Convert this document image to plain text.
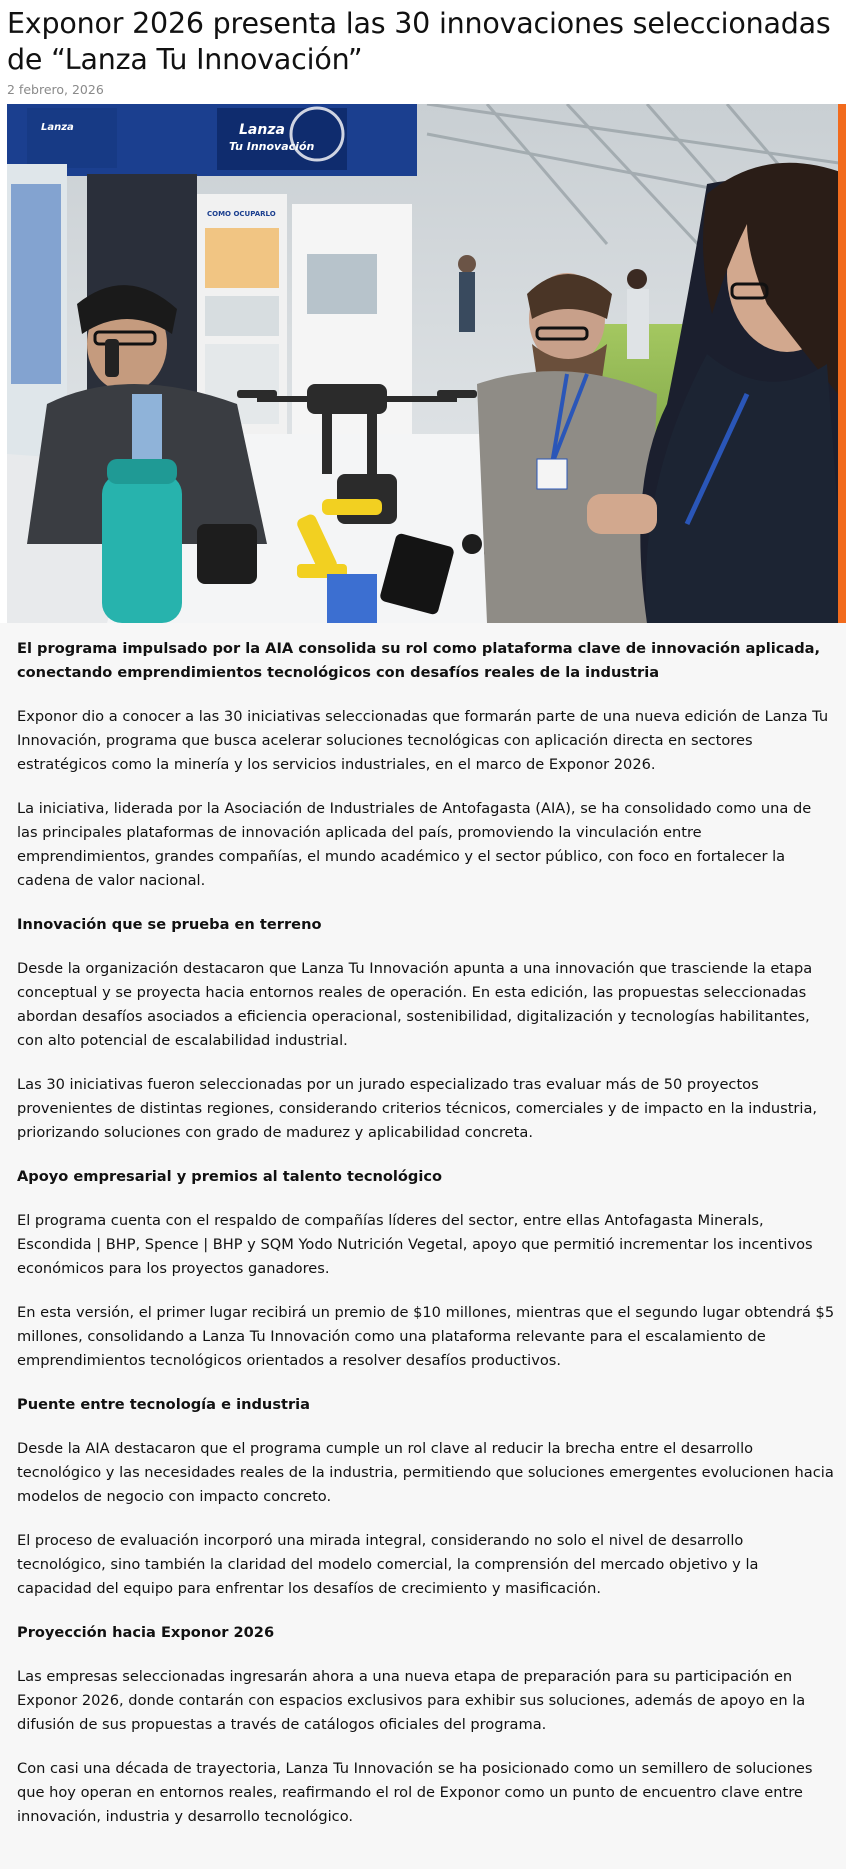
Exponor 2026 presenta las 30 innovaciones seleccionadas de “Lanza Tu Innovación”
2 febrero, 2026
Lanza
Tu Innovación
Lanza
COMO OCUPARLO

El programa impulsado por la AIA consolida su rol como plataforma clave de innovación aplicada, conectando emprendimientos tecnológicos con desafíos reales de la industria

Exponor dio a conocer a las 30 iniciativas seleccionadas que formarán parte de una nueva edición de Lanza Tu Innovación, programa que busca acelerar soluciones tecnológicas con aplicación directa en sectores estratégicos como la minería y los servicios industriales, en el marco de Exponor 2026.

La iniciativa, liderada por la Asociación de Industriales de Antofagasta (AIA), se ha consolidado como una de las principales plataformas de innovación aplicada del país, promoviendo la vinculación entre emprendimientos, grandes compañías, el mundo académico y el sector público, con foco en fortalecer la cadena de valor nacional.

Innovación que se prueba en terreno

Desde la organización destacaron que Lanza Tu Innovación apunta a una innovación que trasciende la etapa conceptual y se proyecta hacia entornos reales de operación. En esta edición, las propuestas seleccionadas abordan desafíos asociados a eficiencia operacional, sostenibilidad, digitalización y tecnologías habilitantes, con alto potencial de escalabilidad industrial.

Las 30 iniciativas fueron seleccionadas por un jurado especializado tras evaluar más de 50 proyectos provenientes de distintas regiones, considerando criterios técnicos, comerciales y de impacto en la industria, priorizando soluciones con grado de madurez y aplicabilidad concreta.

Apoyo empresarial y premios al talento tecnológico

El programa cuenta con el respaldo de compañías líderes del sector, entre ellas Antofagasta Minerals, Escondida | BHP, Spence | BHP y SQM Yodo Nutrición Vegetal, apoyo que permitió incrementar los incentivos económicos para los proyectos ganadores.

En esta versión, el primer lugar recibirá un premio de $10 millones, mientras que el segundo lugar obtendrá $5 millones, consolidando a Lanza Tu Innovación como una plataforma relevante para el escalamiento de emprendimientos tecnológicos orientados a resolver desafíos productivos.

Puente entre tecnología e industria

Desde la AIA destacaron que el programa cumple un rol clave al reducir la brecha entre el desarrollo tecnológico y las necesidades reales de la industria, permitiendo que soluciones emergentes evolucionen hacia modelos de negocio con impacto concreto.

El proceso de evaluación incorporó una mirada integral, considerando no solo el nivel de desarrollo tecnológico, sino también la claridad del modelo comercial, la comprensión del mercado objetivo y la capacidad del equipo para enfrentar los desafíos de crecimiento y masificación.

Proyección hacia Exponor 2026

Las empresas seleccionadas ingresarán ahora a una nueva etapa de preparación para su participación en Exponor 2026, donde contarán con espacios exclusivos para exhibir sus soluciones, además de apoyo en la difusión de sus propuestas a través de catálogos oficiales del programa.

Con casi una década de trayectoria, Lanza Tu Innovación se ha posicionado como un semillero de soluciones que hoy operan en entornos reales, reafirmando el rol de Exponor como un punto de encuentro clave entre innovación, industria y desarrollo tecnológico.
